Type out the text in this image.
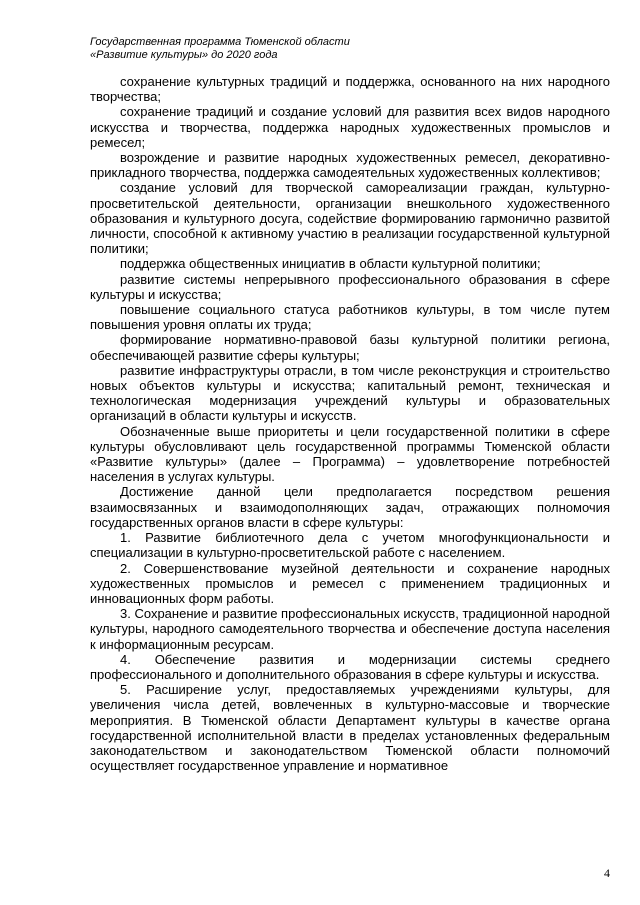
Государственная программа Тюменской области
«Развитие культуры» до 2020 года

сохранение культурных традиций и поддержка, основанного на них народного творчества;

сохранение традиций и создание условий для развития всех видов народного искусства и творчества, поддержка народных художественных промыслов и ремесел;

возрождение и развитие народных художественных ремесел, декоративно-прикладного творчества, поддержка самодеятельных художественных коллективов;

создание условий для творческой самореализации граждан, культурно-просветительской деятельности, организации внешкольного художественного образования и культурного досуга, содействие формированию гармонично развитой личности, способной к активному участию в реализации государственной культурной политики;

поддержка общественных инициатив в области культурной политики;

развитие системы непрерывного профессионального образования в сфере культуры и искусства;

повышение социального статуса работников культуры, в том числе путем повышения уровня оплаты их труда;

формирование нормативно-правовой базы культурной политики региона, обеспечивающей развитие сферы культуры;

развитие инфраструктуры отрасли, в том числе реконструкция и строительство новых объектов культуры и искусства; капитальный ремонт, техническая и технологическая модернизация учреждений культуры и образовательных организаций в области культуры и искусств.

Обозначенные выше приоритеты и цели государственной политики в сфере культуры обусловливают цель государственной программы Тюменской области «Развитие культуры» (далее – Программа) – удовлетворение потребностей населения в услугах культуры.

Достижение данной цели предполагается посредством решения взаимосвязанных и взаимодополняющих задач, отражающих полномочия государственных органов власти в сфере культуры:

1. Развитие библиотечного дела с учетом многофункциональности и специализации в культурно-просветительской работе с населением.

2. Совершенствование музейной деятельности и сохранение народных художественных промыслов и ремесел с применением традиционных и инновационных форм работы.

3. Сохранение и развитие профессиональных искусств, традиционной народной культуры, народного самодеятельного творчества и обеспечение доступа населения к информационным ресурсам.

4. Обеспечение развития и модернизации системы среднего профессионального и дополнительного образования в сфере культуры и искусства.

5. Расширение услуг, предоставляемых учреждениями культуры, для увеличения числа детей, вовлеченных в культурно-массовые и творческие мероприятия. В Тюменской области Департамент культуры в качестве органа государственной исполнительной власти в пределах установленных федеральным законодательством и законодательством Тюменской области полномочий осуществляет государственное управление и нормативное

4
